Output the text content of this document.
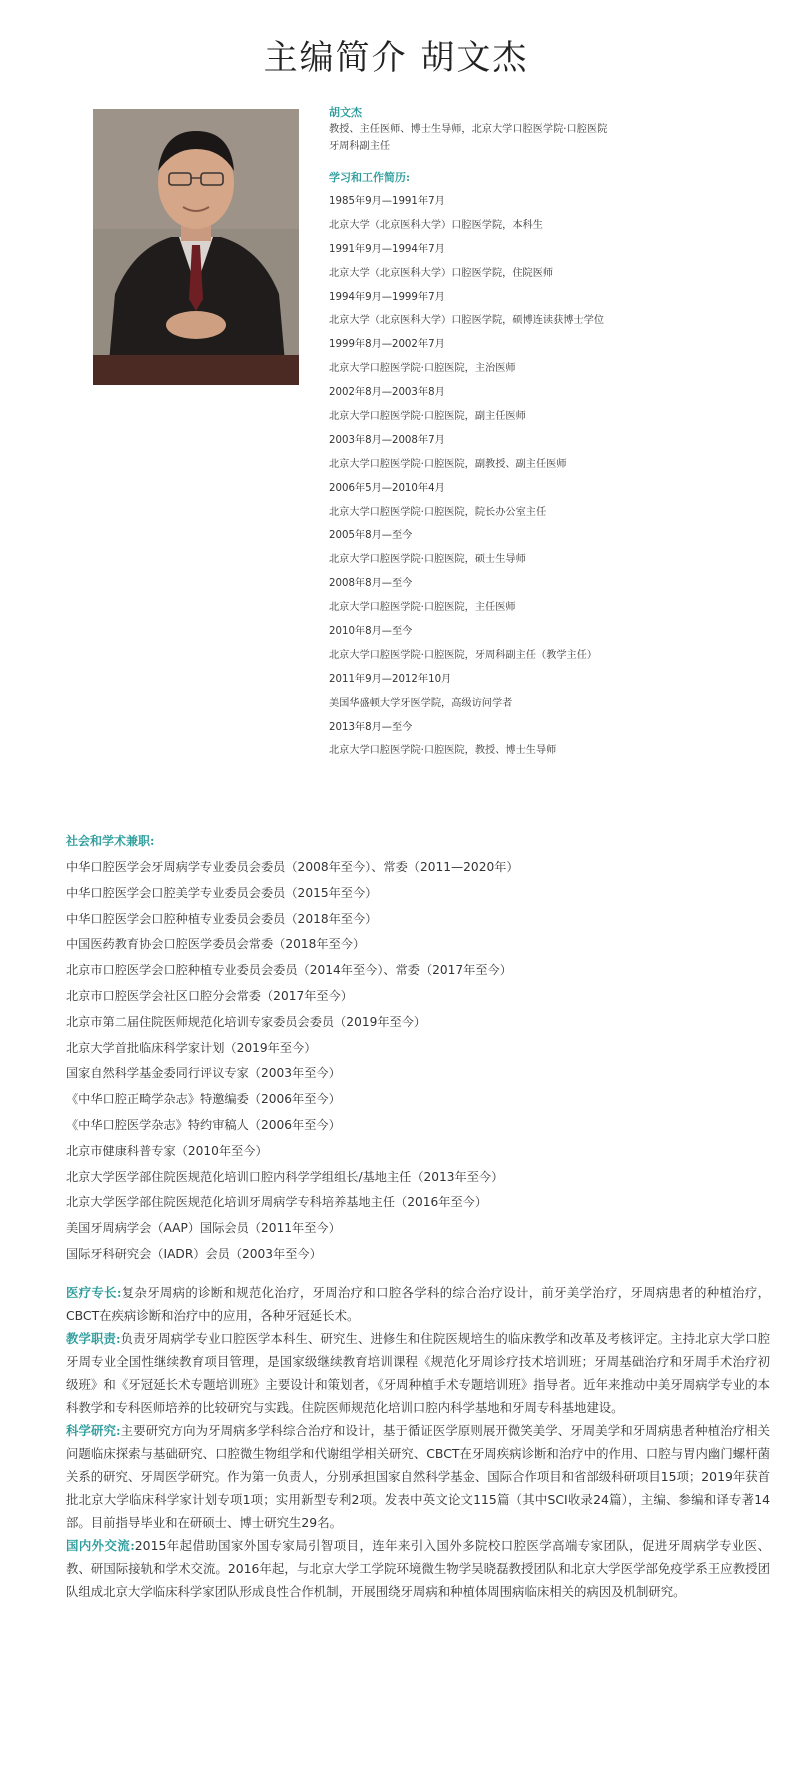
主编简介 胡文杰
胡文杰
教授、主任医师、博士生导师，北京大学口腔医学院·口腔医院
牙周科副主任
学习和工作简历:
1985年9月—1991年7月
北京大学（北京医科大学）口腔医学院，本科生
1991年9月—1994年7月
北京大学（北京医科大学）口腔医学院，住院医师
1994年9月—1999年7月
北京大学（北京医科大学）口腔医学院，硕博连读获博士学位
1999年8月—2002年7月
北京大学口腔医学院·口腔医院，主治医师
2002年8月—2003年8月
北京大学口腔医学院·口腔医院，副主任医师
2003年8月—2008年7月
北京大学口腔医学院·口腔医院，副教授、副主任医师
2006年5月—2010年4月
北京大学口腔医学院·口腔医院，院长办公室主任
2005年8月—至今
北京大学口腔医学院·口腔医院，硕士生导师
2008年8月—至今
北京大学口腔医学院·口腔医院，主任医师
2010年8月—至今
北京大学口腔医学院·口腔医院，牙周科副主任（教学主任）
2011年9月—2012年10月
美国华盛顿大学牙医学院，高级访问学者
2013年8月—至今
北京大学口腔医学院·口腔医院，教授、博士生导师
社会和学术兼职:
中华口腔医学会牙周病学专业委员会委员（2008年至今）、常委（2011—2020年）
中华口腔医学会口腔美学专业委员会委员（2015年至今）
中华口腔医学会口腔种植专业委员会委员（2018年至今）
中国医药教育协会口腔医学委员会常委（2018年至今）
北京市口腔医学会口腔种植专业委员会委员（2014年至今）、常委（2017年至今）
北京市口腔医学会社区口腔分会常委（2017年至今）
北京市第二届住院医师规范化培训专家委员会委员（2019年至今）
北京大学首批临床科学家计划（2019年至今）
国家自然科学基金委同行评议专家（2003年至今）
《中华口腔正畸学杂志》特邀编委（2006年至今）
《中华口腔医学杂志》特约审稿人（2006年至今）
北京市健康科普专家（2010年至今）
北京大学医学部住院医规范化培训口腔内科学学组组长/基地主任（2013年至今）
北京大学医学部住院医规范化培训牙周病学专科培养基地主任（2016年至今）
美国牙周病学会（AAP）国际会员（2011年至今）
国际牙科研究会（IADR）会员（2003年至今）
医疗专长:复杂牙周病的诊断和规范化治疗，牙周治疗和口腔各学科的综合治疗设计，前牙美学治疗，牙周病患者的种植治疗，CBCT在疾病诊断和治疗中的应用，各种牙冠延长术。
教学职责:负责牙周病学专业口腔医学本科生、研究生、进修生和住院医规培生的临床教学和改革及考核评定。主持北京大学口腔牙周专业全国性继续教育项目管理，是国家级继续教育培训课程《规范化牙周诊疗技术培训班；牙周基础治疗和牙周手术治疗初级班》和《牙冠延长术专题培训班》主要设计和策划者，《牙周种植手术专题培训班》指导者。近年来推动中美牙周病学专业的本科教学和专科医师培养的比较研究与实践。住院医师规范化培训口腔内科学基地和牙周专科基地建设。
科学研究:主要研究方向为牙周病多学科综合治疗和设计，基于循证医学原则展开微笑美学、牙周美学和牙周病患者种植治疗相关问题临床探索与基础研究、口腔微生物组学和代谢组学相关研究、CBCT在牙周疾病诊断和治疗中的作用、口腔与胃内幽门螺杆菌关系的研究、牙周医学研究。作为第一负责人，分别承担国家自然科学基金、国际合作项目和省部级科研项目15项；2019年获首批北京大学临床科学家计划专项1项；实用新型专利2项。发表中英文论文115篇（其中SCI收录24篇），主编、参编和译专著14部。目前指导毕业和在研硕士、博士研究生29名。
国内外交流:2015年起借助国家外国专家局引智项目，连年来引入国外多院校口腔医学高端专家团队，促进牙周病学专业医、教、研国际接轨和学术交流。2016年起，与北京大学工学院环境微生物学吴晓磊教授团队和北京大学医学部免疫学系王应教授团队组成北京大学临床科学家团队形成良性合作机制，开展围绕牙周病和种植体周围病临床相关的病因及机制研究。
